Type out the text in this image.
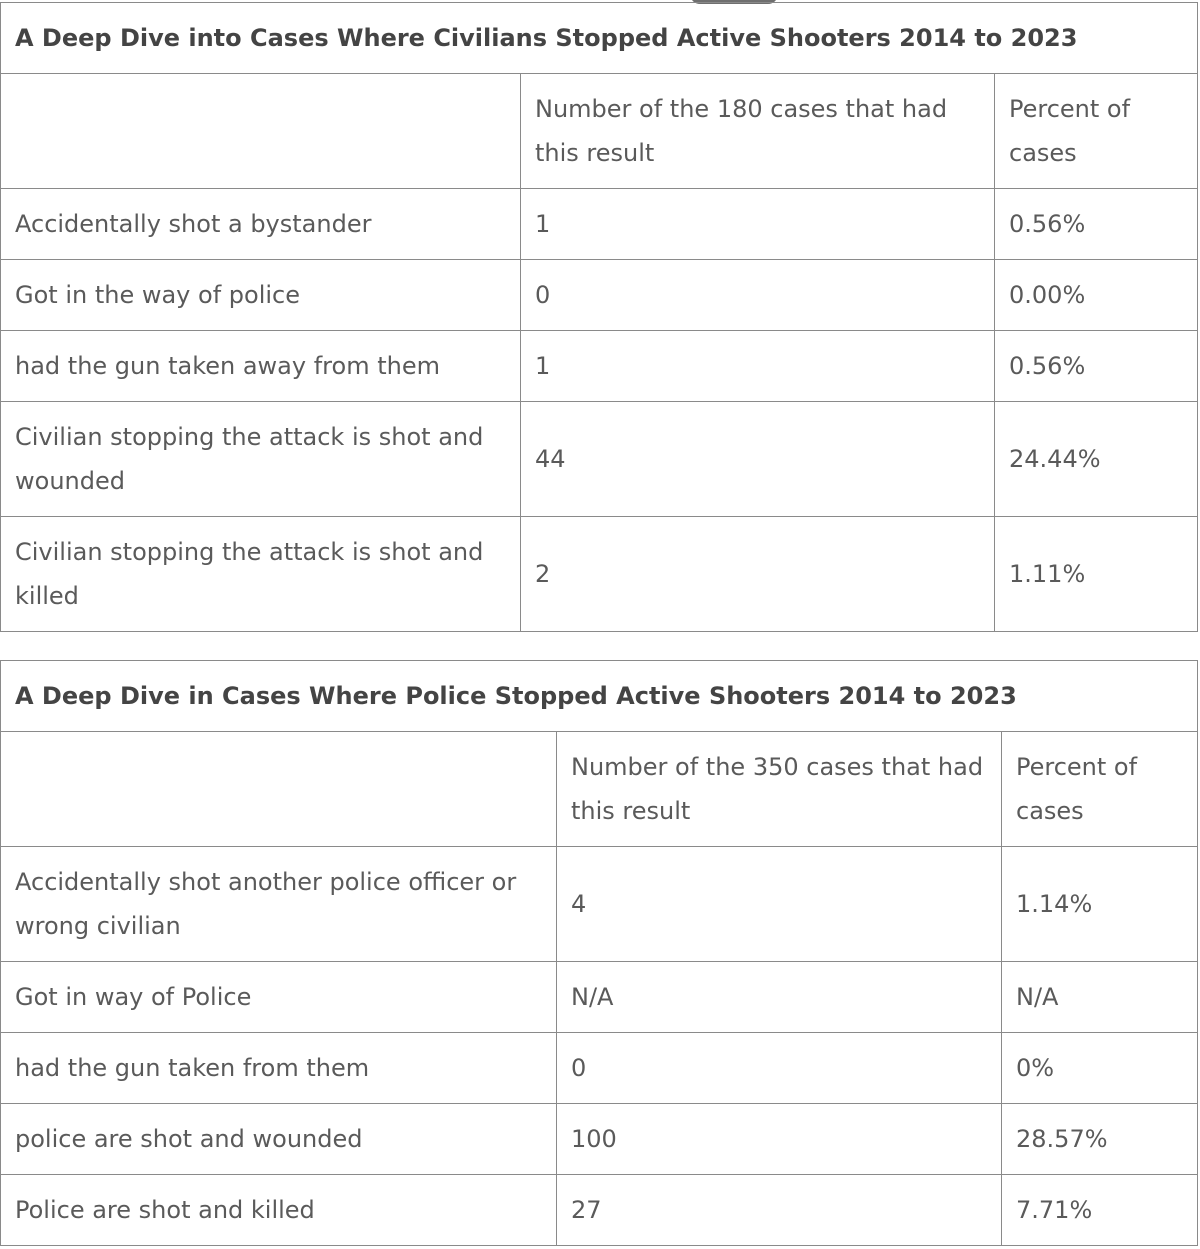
A Deep Dive into Cases Where Civilians Stopped Active Shooters 2014 to 2023		
	Number of the 180 cases that had this result	Percent of cases
Accidentally shot a bystander	1	0.56%
Got in the way of police	0	0.00%
had the gun taken away from them	1	0.56%
Civilian stopping the attack is shot and wounded	44	24.44%
Civilian stopping the attack is shot and killed	2	1.11%
A Deep Dive in Cases Where Police Stopped Active Shooters 2014 to 2023		
	Number of the 350 cases that had this result	Percent of cases
Accidentally shot another police officer or wrong civilian	4	1.14%
Got in way of Police	N/A	N/A
had the gun taken from them	0	0%
police are shot and wounded	100	28.57%
Police are shot and killed	27	7.71%
